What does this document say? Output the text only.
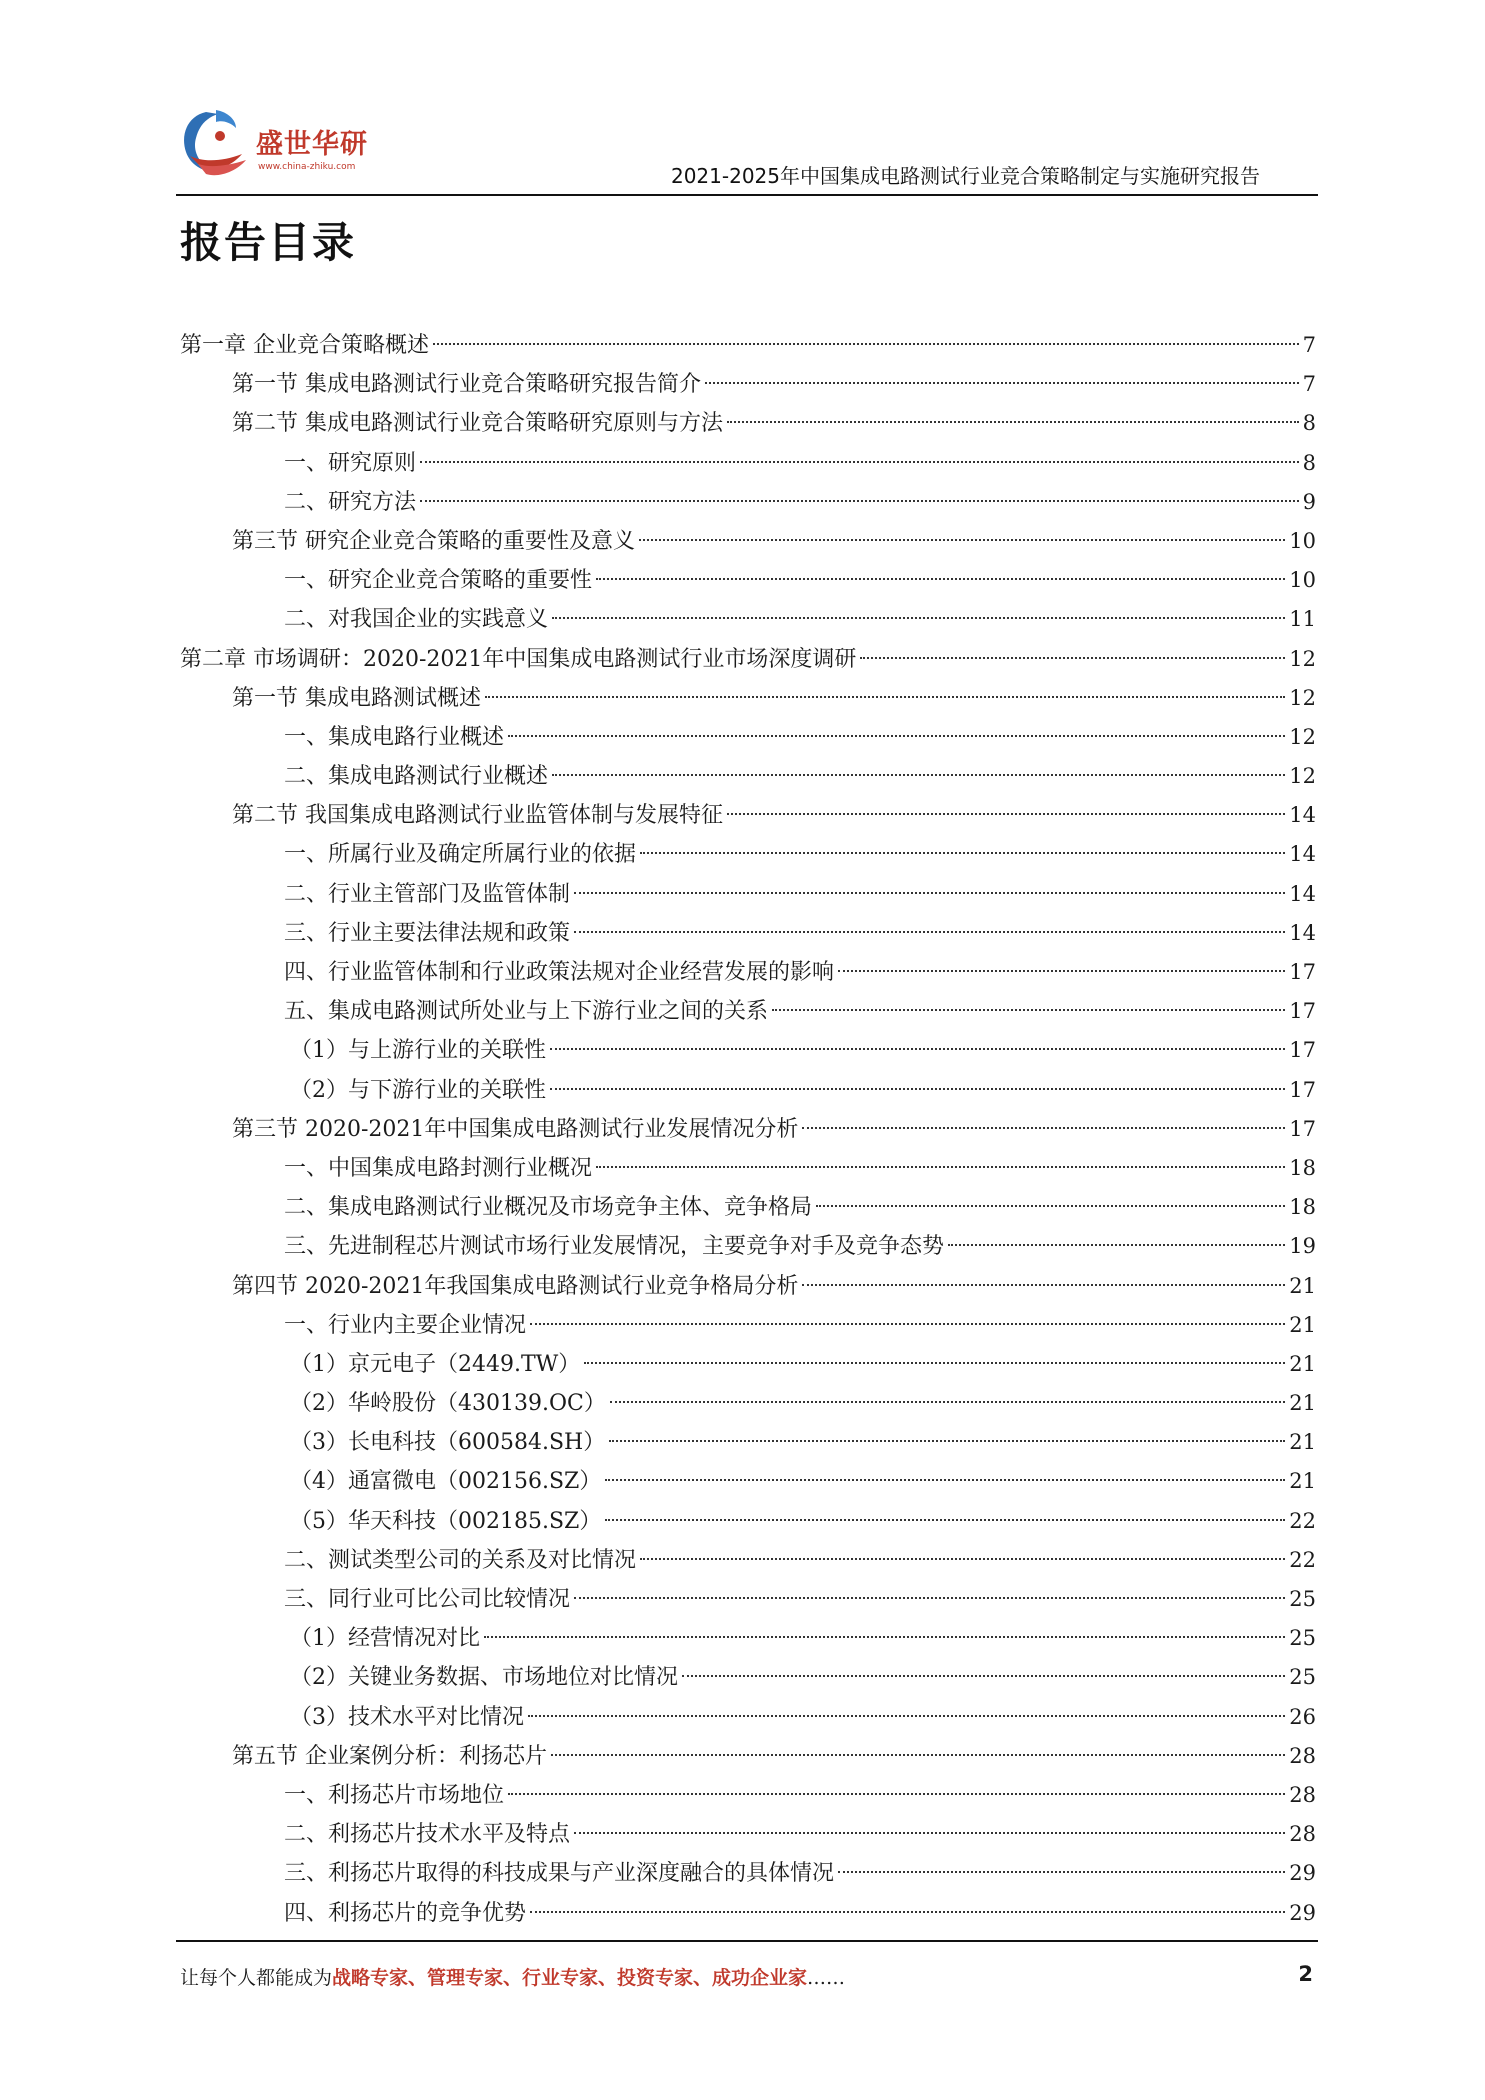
盛世华研
www.china-zhiku.com	2021-2025年中国集成电路测试行业竞合策略制定与实施研究报告
报告目录
第一章 企业竞合策略概述	7
第一节 集成电路测试行业竞合策略研究报告简介	7
第二节 集成电路测试行业竞合策略研究原则与方法	8
一、研究原则	8
二、研究方法	9
第三节 研究企业竞合策略的重要性及意义	10
一、研究企业竞合策略的重要性	10
二、对我国企业的实践意义	11
第二章 市场调研：2020-2021年中国集成电路测试行业市场深度调研	12
第一节 集成电路测试概述	12
一、集成电路行业概述	12
二、集成电路测试行业概述	12
第二节 我国集成电路测试行业监管体制与发展特征	14
一、所属行业及确定所属行业的依据	14
二、行业主管部门及监管体制	14
三、行业主要法律法规和政策	14
四、行业监管体制和行业政策法规对企业经营发展的影响	17
五、集成电路测试所处业与上下游行业之间的关系	17
（1）与上游行业的关联性	17
（2）与下游行业的关联性	17
第三节 2020-2021年中国集成电路测试行业发展情况分析	17
一、中国集成电路封测行业概况	18
二、集成电路测试行业概况及市场竞争主体、竞争格局	18
三、先进制程芯片测试市场行业发展情况，主要竞争对手及竞争态势	19
第四节 2020-2021年我国集成电路测试行业竞争格局分析	21
一、行业内主要企业情况	21
（1）京元电子（2449.TW）	21
（2）华岭股份（430139.OC）	21
（3）长电科技（600584.SH）	21
（4）通富微电（002156.SZ）	21
（5）华天科技（002185.SZ）	22
二、测试类型公司的关系及对比情况	22
三、同行业可比公司比较情况	25
（1）经营情况对比	25
（2）关键业务数据、市场地位对比情况	25
（3）技术水平对比情况	26
第五节 企业案例分析：利扬芯片	28
一、利扬芯片市场地位	28
二、利扬芯片技术水平及特点	28
三、利扬芯片取得的科技成果与产业深度融合的具体情况	29
四、利扬芯片的竞争优势	29
让每个人都能成为战略专家、管理专家、行业专家、投资专家、成功企业家……	2
